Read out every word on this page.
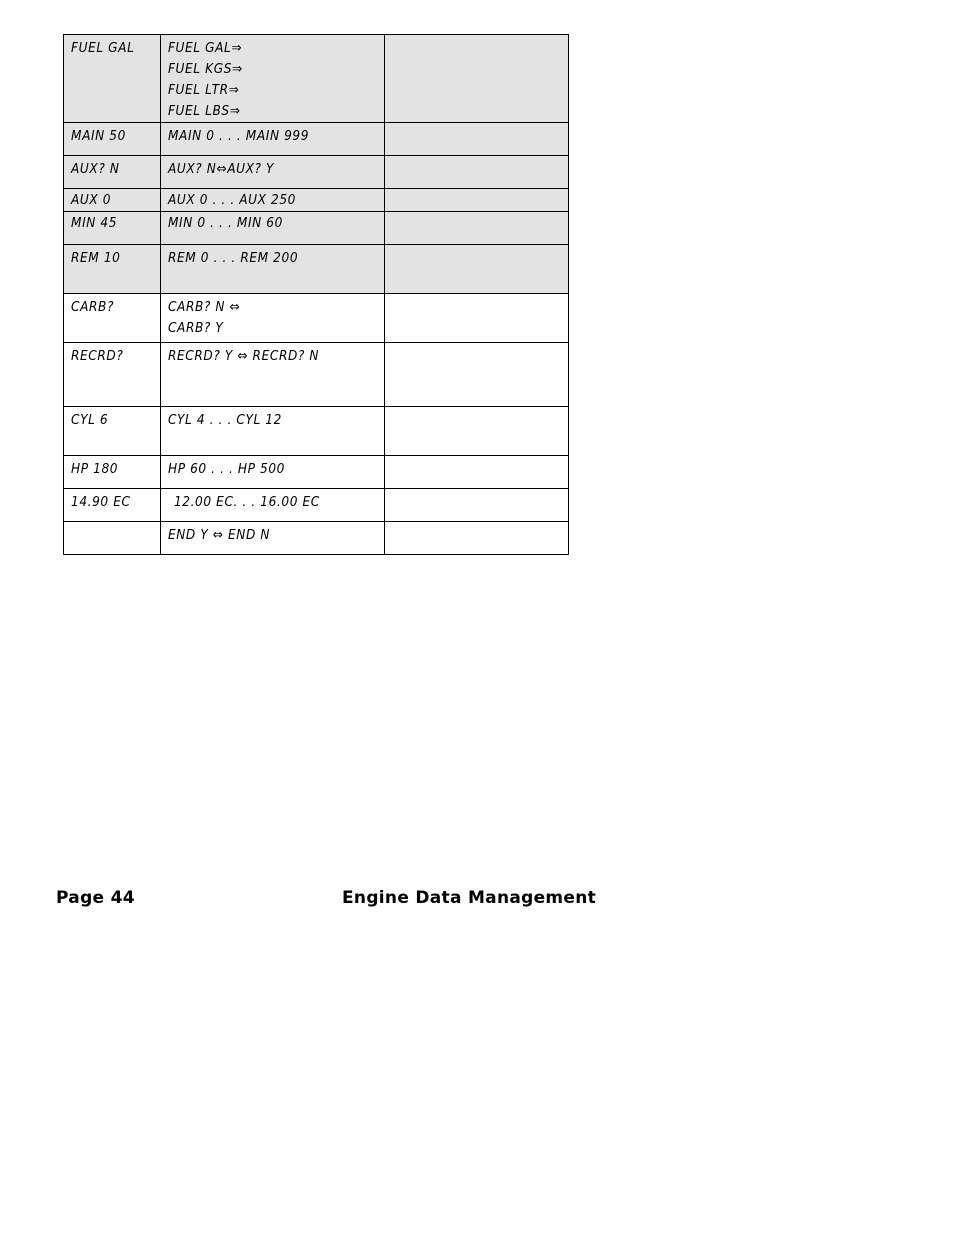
FUEL GAL	FUEL GAL⇒
FUEL KGS⇒
FUEL LTR⇒
FUEL LBS⇒	

MAIN 50	MAIN 0 . . . MAIN 999	

AUX? N	AUX? N⇔AUX? Y	

AUX 0	AUX 0 . . . AUX 250	

MIN 45	MIN 0 . . . MIN 60	

REM 10	REM 0 . . . REM 200	

CARB?	CARB? N ⇔
CARB? Y	

RECRD?	RECRD? Y ⇔ RECRD? N	

CYL 6	CYL 4 . . . CYL 12	

HP 180	HP 60 . . . HP 500	

14.90 EC	12.00 EC. . . 16.00 EC	

	END Y ⇔ END N	

Page 44	Engine Data Management
